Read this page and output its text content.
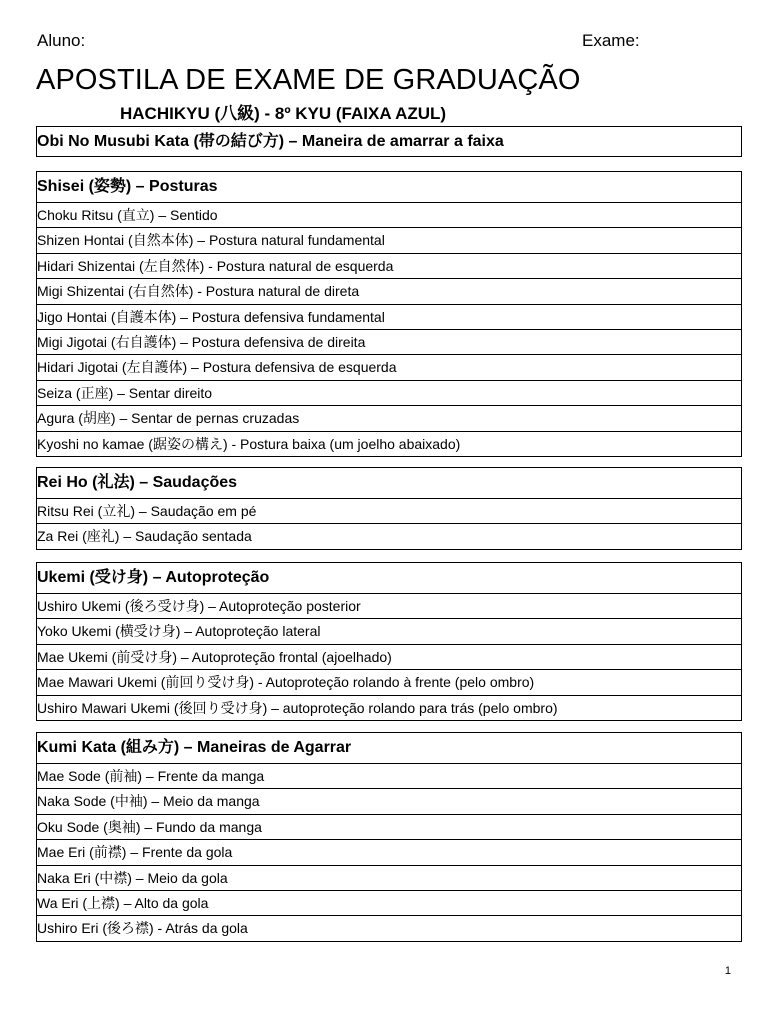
Aluno:	Exame:
APOSTILA DE EXAME DE GRADUAÇÃO
HACHIKYU (八級) - 8º KYU (FAIXA AZUL)
Obi No Musubi Kata (帯の結び方) – Maneira de amarrar a faixa
Shisei (姿勢) – Posturas
Choku Ritsu (直立) – Sentido
Shizen Hontai (自然本体) – Postura natural fundamental
Hidari Shizentai (左自然体) - Postura natural de esquerda
Migi Shizentai (右自然体) - Postura natural de direta
Jigo Hontai (自護本体) – Postura defensiva fundamental
Migi Jigotai (右自護体) – Postura defensiva de direita
Hidari Jigotai (左自護体) – Postura defensiva de esquerda
Seiza (正座) – Sentar direito
Agura (胡座) – Sentar de pernas cruzadas
Kyoshi no kamae (踞姿の構え) - Postura baixa (um joelho abaixado)
Rei Ho (礼法) – Saudações
Ritsu Rei (立礼) – Saudação em pé
Za Rei (座礼) – Saudação sentada
Ukemi (受け身) – Autoproteção
Ushiro Ukemi (後ろ受け身) – Autoproteção posterior
Yoko Ukemi (横受け身) – Autoproteção lateral
Mae Ukemi (前受け身) – Autoproteção frontal (ajoelhado)
Mae Mawari Ukemi (前回り受け身) - Autoproteção rolando à frente (pelo ombro)
Ushiro Mawari Ukemi (後回り受け身) – autoproteção rolando para trás (pelo ombro)
Kumi Kata (組み方) – Maneiras de Agarrar
Mae Sode (前袖) – Frente da manga
Naka Sode (中袖) – Meio da manga
Oku Sode (奥袖) – Fundo da manga
Mae Eri (前襟) – Frente da gola
Naka Eri (中襟) – Meio da gola
Wa Eri (上襟) – Alto da gola
Ushiro Eri (後ろ襟) - Atrás da gola
1
